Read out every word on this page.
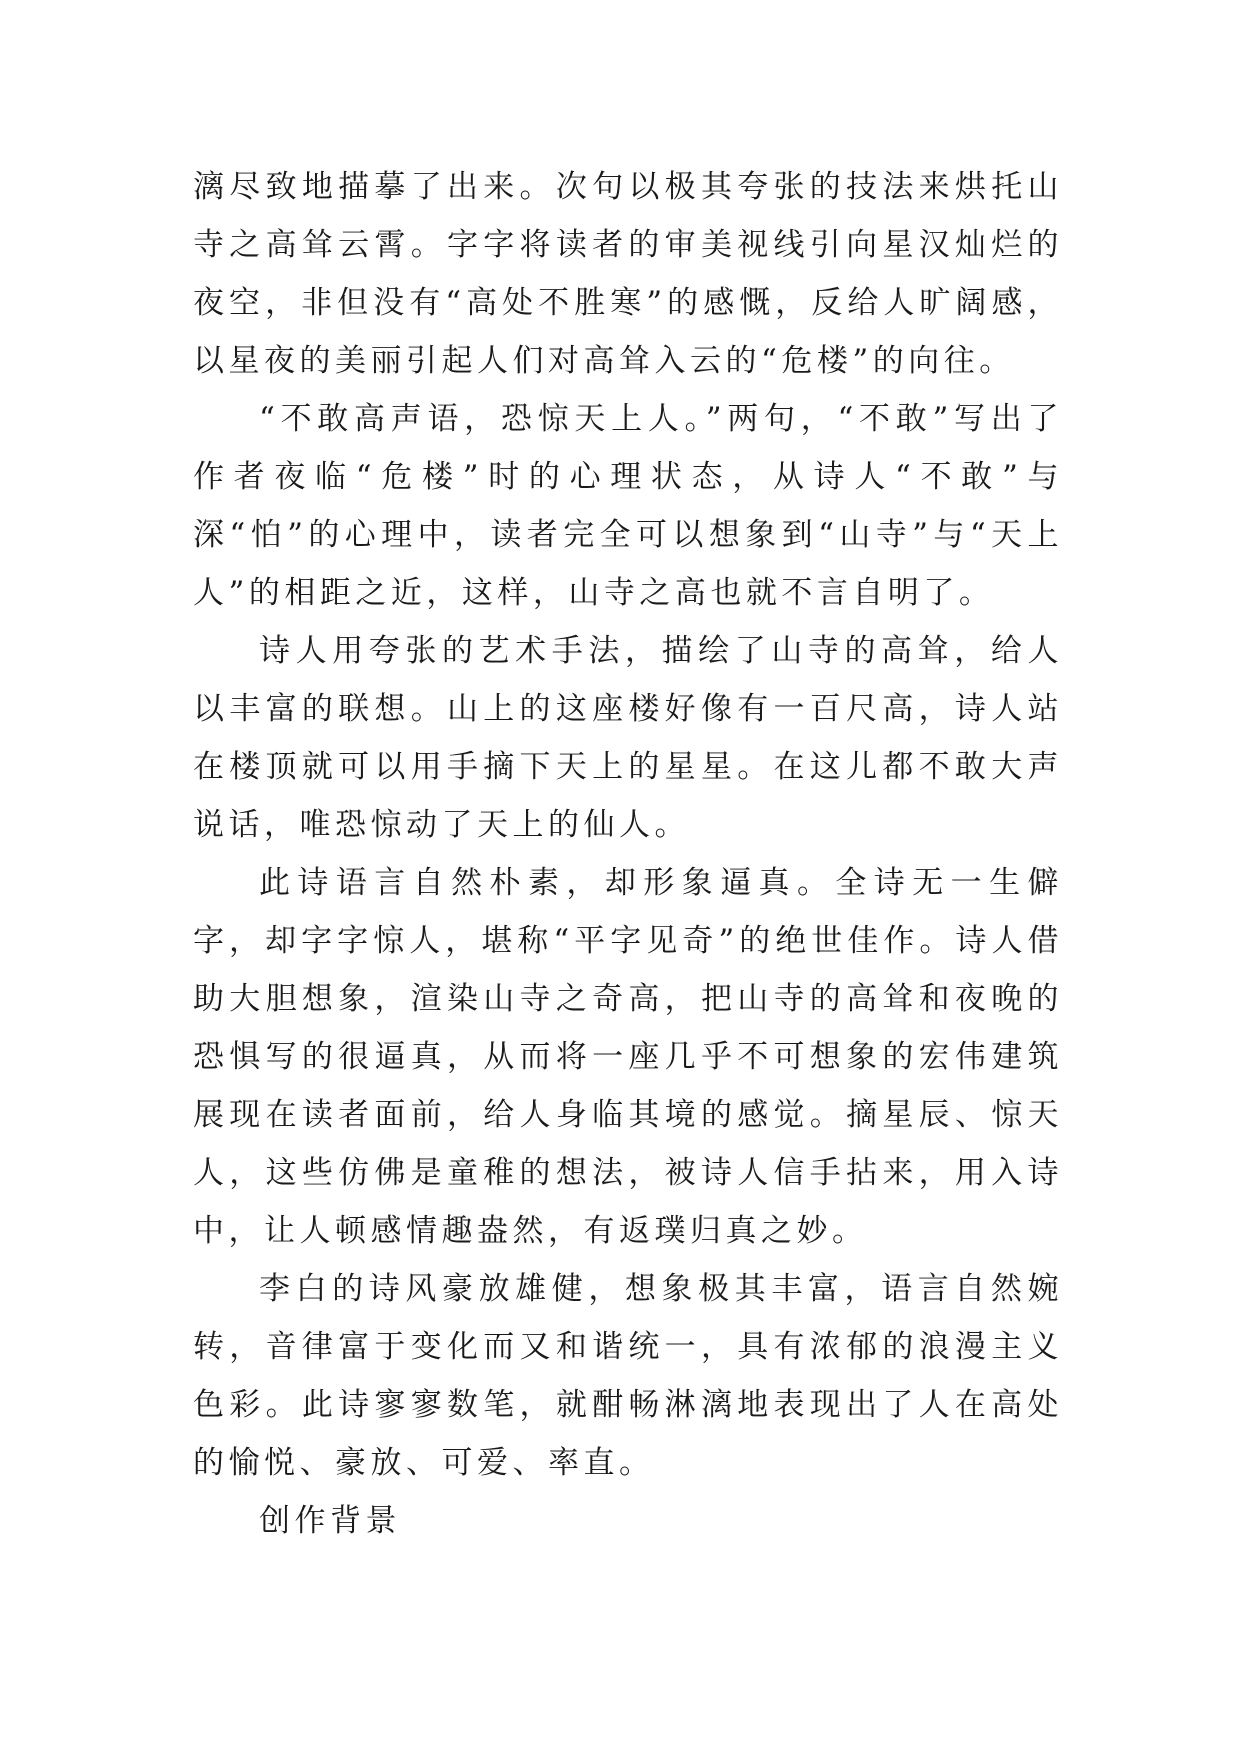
漓尽致地描摹了出来。次句以极其夸张的技法来烘托山寺之高耸云霄。字字将读者的审美视线引向星汉灿烂的夜空，非但没有“高处不胜寒”的感慨，反给人旷阔感，以星夜的美丽引起人们对高耸入云的“危楼”的向往。

“不敢高声语，恐惊天上人。”两句，“不敢”写出了作者夜临“危楼”时的心理状态，从诗人“不敢”与深“怕”的心理中，读者完全可以想象到“山寺”与“天上人”的相距之近，这样，山寺之高也就不言自明了。

诗人用夸张的艺术手法，描绘了山寺的高耸，给人以丰富的联想。山上的这座楼好像有一百尺高，诗人站在楼顶就可以用手摘下天上的星星。在这儿都不敢大声说话，唯恐惊动了天上的仙人。

此诗语言自然朴素，却形象逼真。全诗无一生僻字，却字字惊人，堪称“平字见奇”的绝世佳作。诗人借助大胆想象，渲染山寺之奇高，把山寺的高耸和夜晚的恐惧写的很逼真，从而将一座几乎不可想象的宏伟建筑展现在读者面前，给人身临其境的感觉。摘星辰、惊天人，这些仿佛是童稚的想法，被诗人信手拈来，用入诗中，让人顿感情趣盎然，有返璞归真之妙。

李白的诗风豪放雄健，想象极其丰富，语言自然婉转，音律富于变化而又和谐统一，具有浓郁的浪漫主义色彩。此诗寥寥数笔，就酣畅淋漓地表现出了人在高处的愉悦、豪放、可爱、率直。

创作背景
